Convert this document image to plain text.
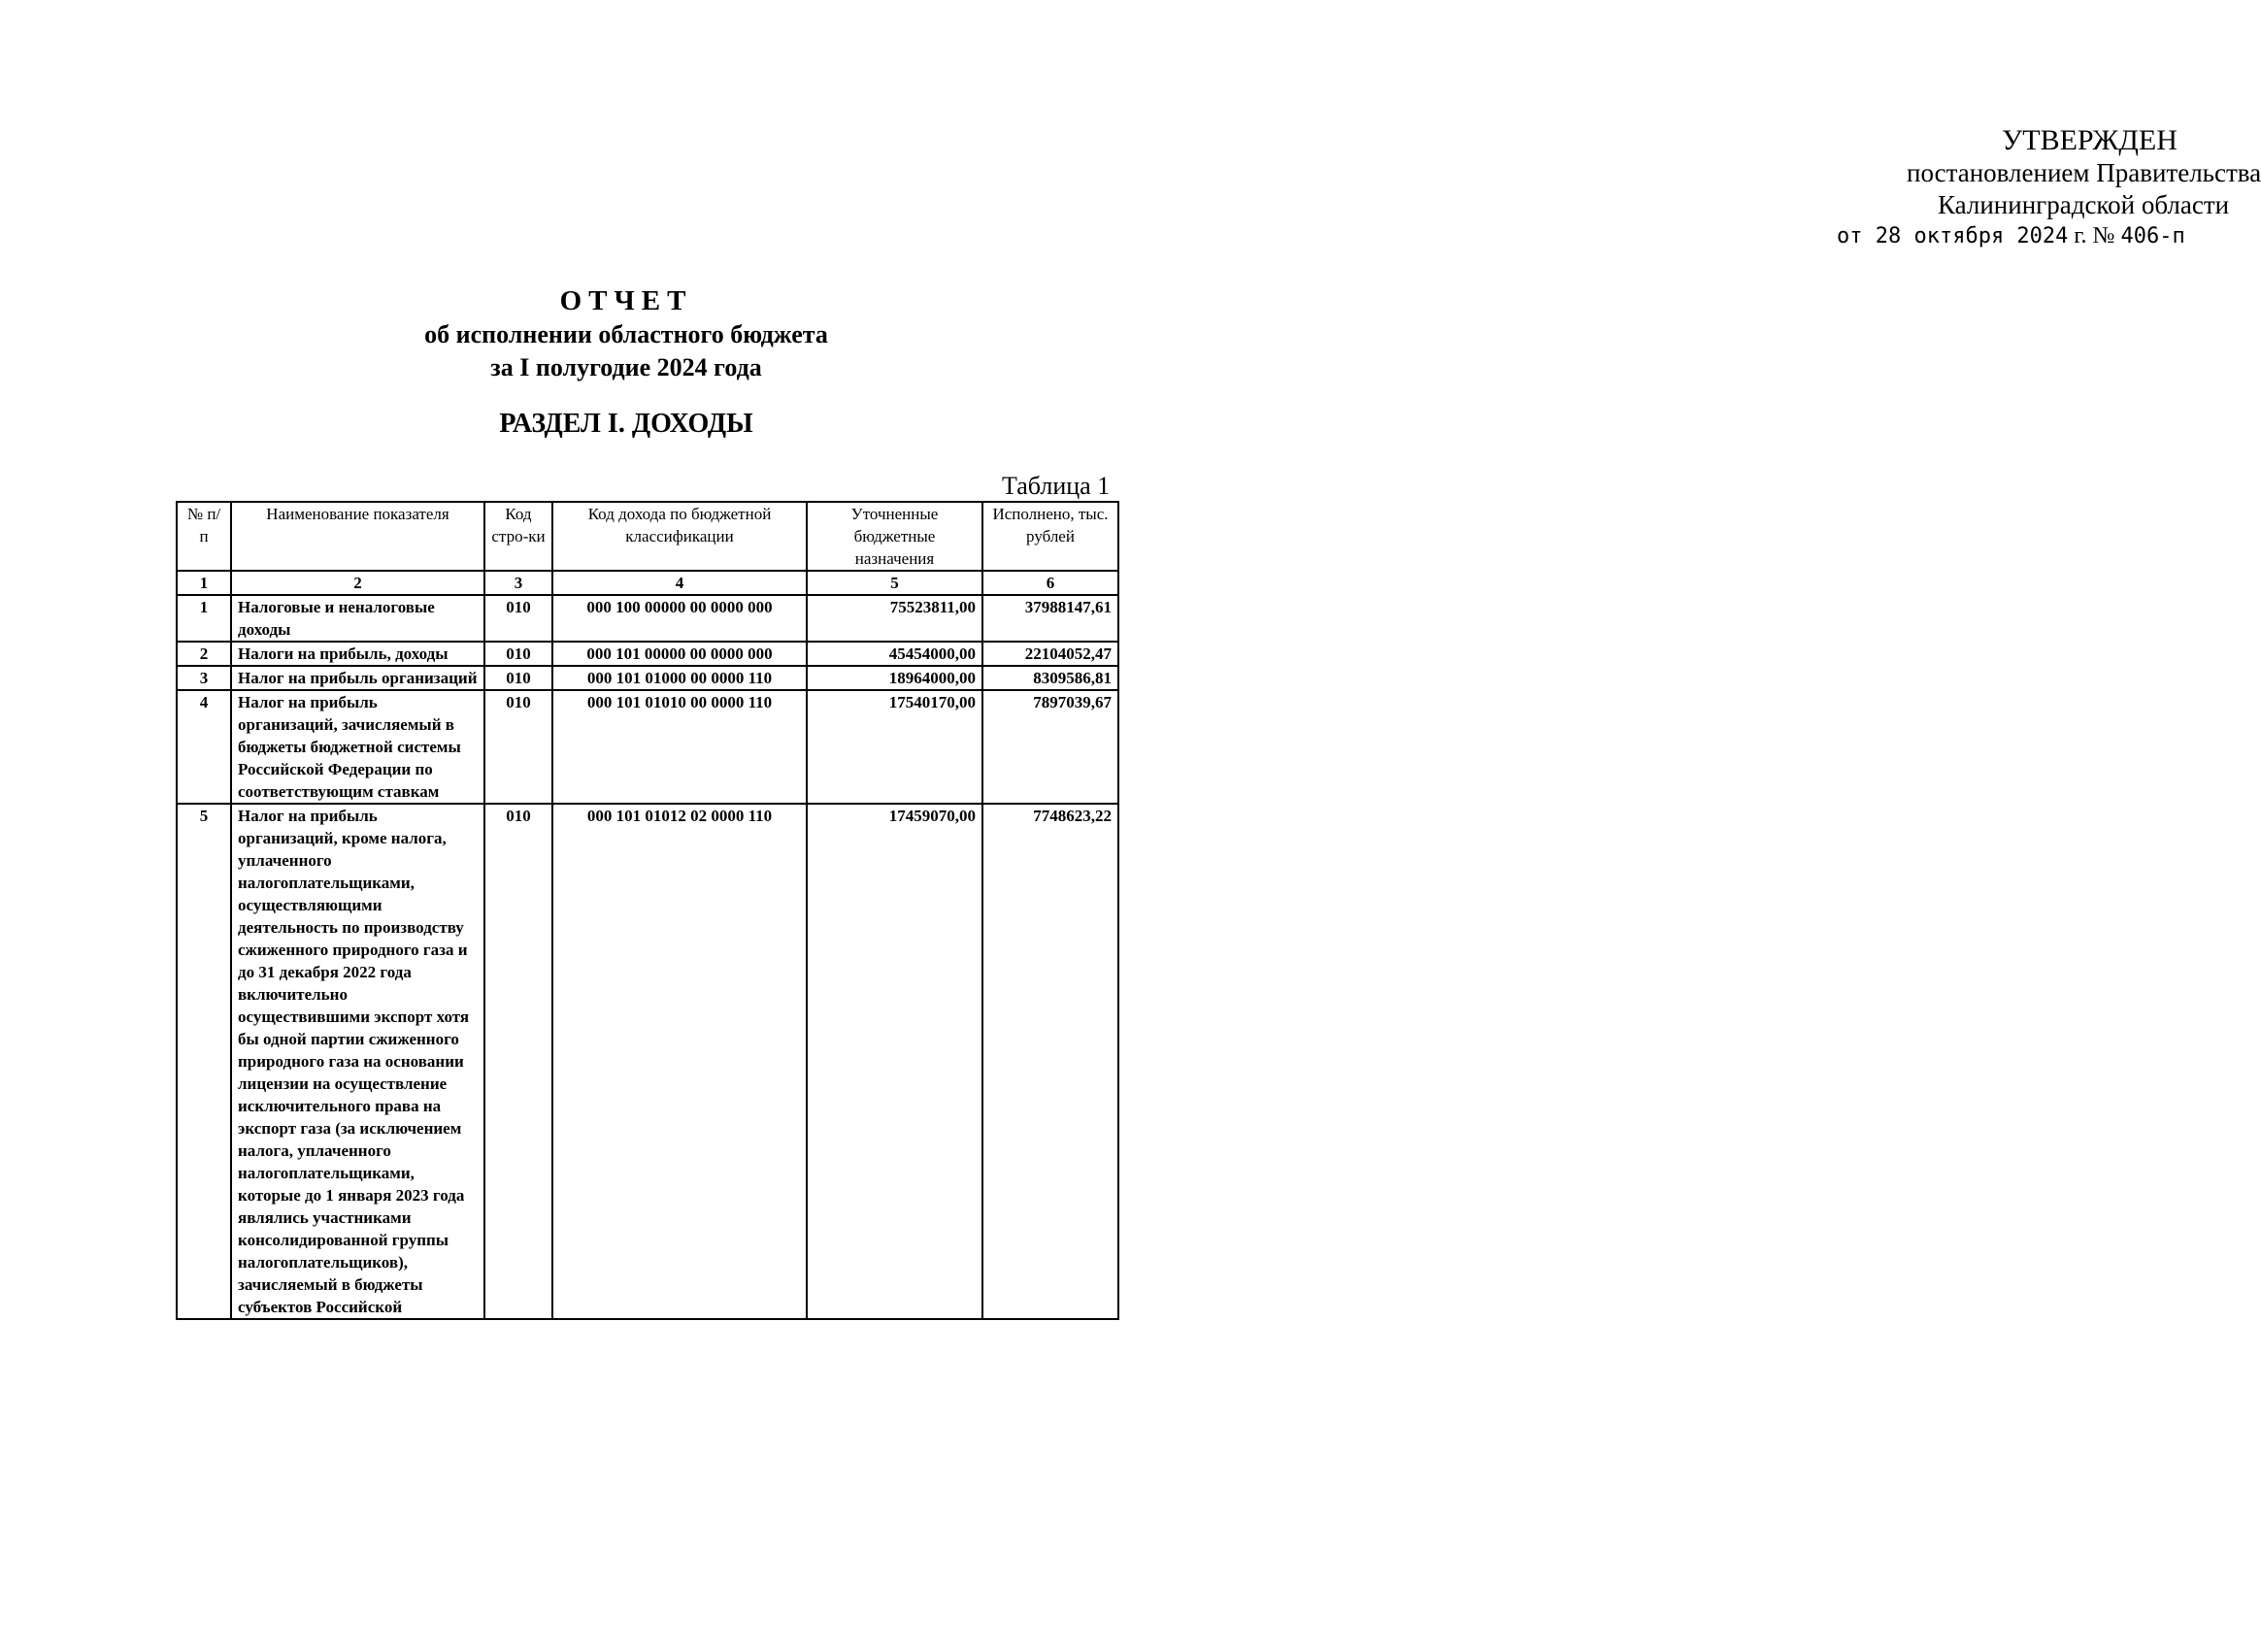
УТВЕРЖДЕН
постановлением Правительства
Калининградской области
от 28 октября 2024 г. № 406-п
ОТЧЕТ
об исполнении областного бюджета
за I полугодие 2024 года
РАЗДЕЛ I. ДОХОДЫ
Таблица 1
№ п/п	Наименование показателя	Код стро-ки	Код дохода по бюджетной классификации	Уточненные бюджетные назначения	Исполнено, тыс. рублей
1	2	3	4	5	6
1	Налоговые и неналоговые доходы	010	000 100 00000 00 0000 000	75523811,00	37988147,61
2	Налоги на прибыль, доходы	010	000 101 00000 00 0000 000	45454000,00	22104052,47
3	Налог на прибыль организаций	010	000 101 01000 00 0000 110	18964000,00	8309586,81
4	Налог на прибыль организаций, зачисляемый в бюджеты бюджетной системы Российской Федерации по соответствующим ставкам	010	000 101 01010 00 0000 110	17540170,00	7897039,67
5	Налог на прибыль организаций, кроме налога, уплаченного налогоплательщиками, осуществляющими деятельность по производству сжиженного природного газа и до 31 декабря 2022 года включительно осуществившими экспорт хотя бы одной партии сжиженного природного газа на основании лицензии на осуществление исключительного права на экспорт газа (за исключением налога, уплаченного налогоплательщиками, которые до 1 января 2023 года являлись участниками консолидированной группы налогоплательщиков), зачисляемый в бюджеты субъектов Российской	010	000 101 01012 02 0000 110	17459070,00	7748623,22
